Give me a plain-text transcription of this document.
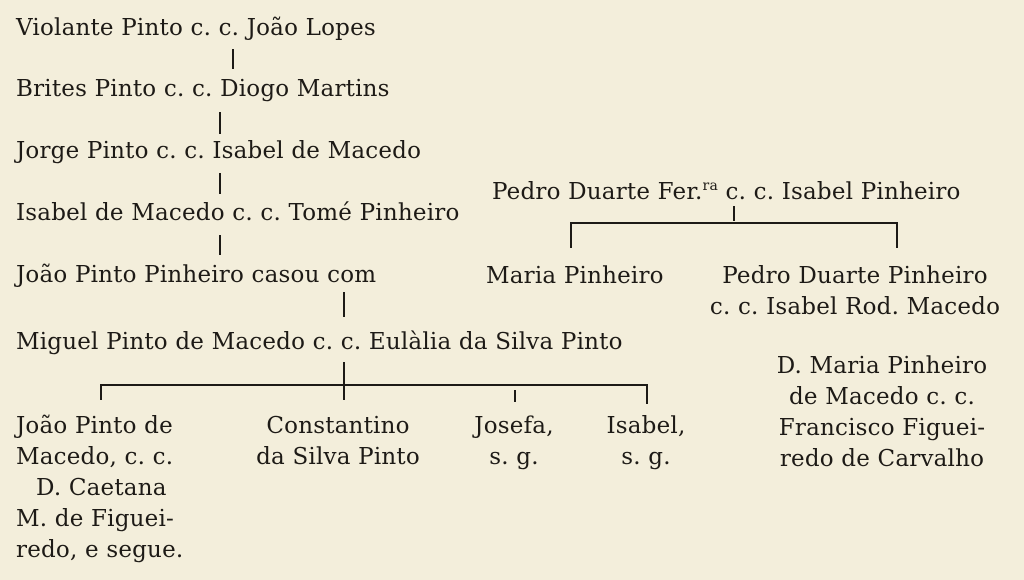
Violante Pinto c. c. João Lopes
Brites Pinto c. c. Diogo Martins
Jorge Pinto c. c. Isabel de Macedo
Isabel de Macedo c. c. Tomé Pinheiro
João Pinto Pinheiro casou com
Miguel Pinto de Macedo c. c. Eulàlia da Silva Pinto
João Pinto de
Macedo, c. c.
D. Caetana
M. de Figuei-
redo, e segue.
Constantino
da Silva Pinto
Josefa,
s. g.
Isabel,
s. g.
Pedro Duarte Fer.$^{ra}$ c. c. Isabel Pinheiro
Maria Pinheiro	Pedro Duarte Pinheiro
c. c. Isabel Rod. Macedo
D. Maria Pinheiro
de Macedo c. c.
Francisco Figuei-
redo de Carvalho
